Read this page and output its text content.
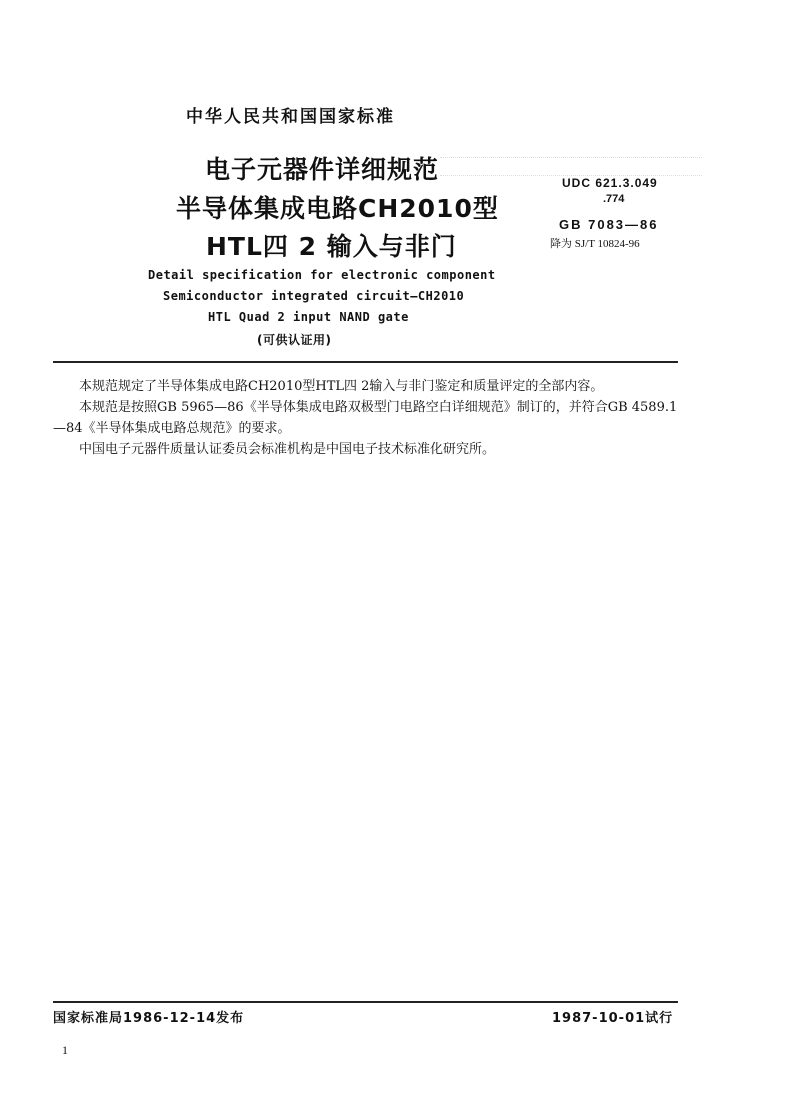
中华人民共和国国家标准
电子元器件详细规范
半导体集成电路CH2010型
HTL四 2 输入与非门
UDC 621.3.049
.774
GB 7083—86
降为 SJ/T 10824-96
Detail specification for electronic component
Semiconductor integrated circuit—CH2010
HTL Quad 2 input NAND gate
(可供认证用)

本规范规定了半导体集成电路CH2010型HTL四 2输入与非门鉴定和质量评定的全部内容。

本规范是按照GB 5965—86《半导体集成电路双极型门电路空白详细规范》制订的，并符合GB 4589.1—84《半导体集成电路总规范》的要求。

中国电子元器件质量认证委员会标准机构是中国电子技术标准化研究所。

国家标准局1986-12-14发布	1987-10-01试行
1
